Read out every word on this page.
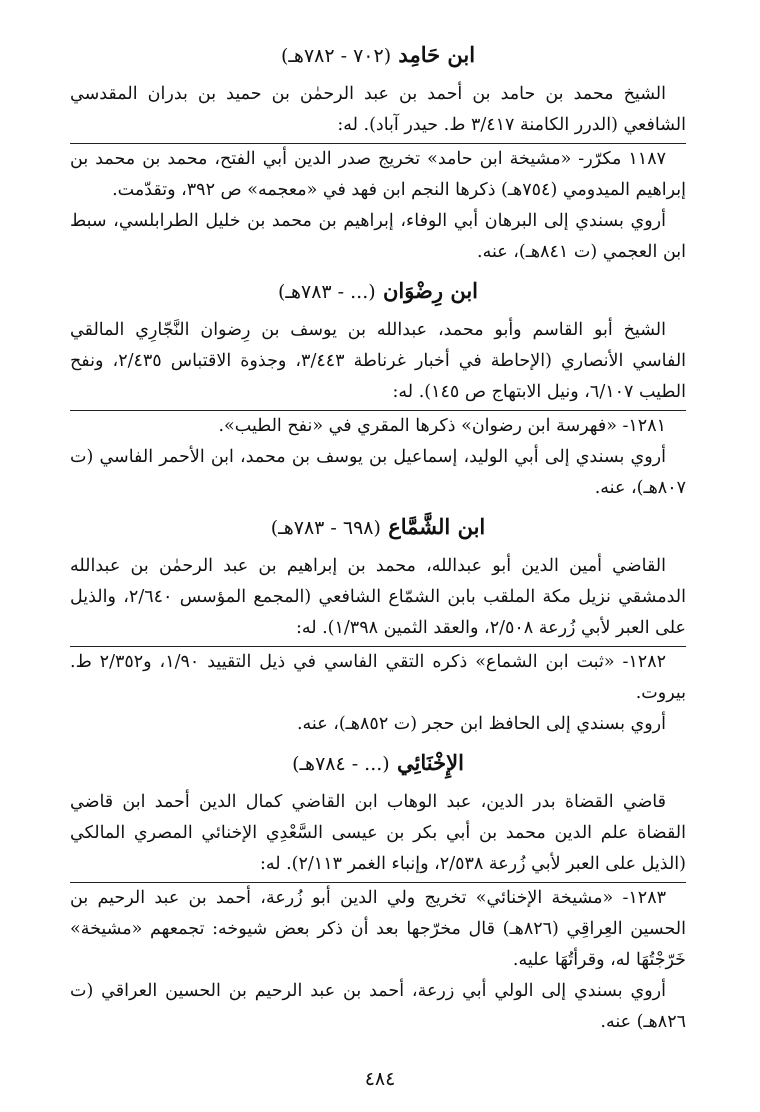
ابن حَامِد (٧٠٢ - ٧٨٢هـ)

الشيخ محمد بن حامد بن أحمد بن عبد الرحمٰن بن حميد بن بدران المقدسي الشافعي (الدرر الكامنة ٣/٤١٧ ط. حيدر آباد). له:

١١٨٧ مكرّر- «مشيخة ابن حامد» تخريج صدر الدين أبي الفتح، محمد بن محمد بن إبراهيم الميدومي (٧٥٤هـ) ذكرها النجم ابن فهد في «معجمه» ص ٣٩٢، وتقدّمت.

أروي بسندي إلى البرهان أبي الوفاء، إبراهيم بن محمد بن خليل الطرابلسي، سبط ابن العجمي (ت ٨٤١هـ)، عنه.

ابن رِضْوَان (... - ٧٨٣هـ)

الشيخ أبو القاسم وأبو محمد، عبدالله بن يوسف بن رِضوان النَّجّارِي المالقي الفاسي الأنصاري (الإحاطة في أخبار غرناطة ٣/٤٤٣، وجذوة الاقتباس ٢/٤٣٥، ونفح الطيب ٦/١٠٧، ونيل الابتهاج ص ١٤٥). له:

١٢٨١- «فهرسة ابن رضوان» ذكرها المقري في «نفح الطيب».

أروي بسندي إلى أبي الوليد، إسماعيل بن يوسف بن محمد، ابن الأحمر الفاسي (ت ٨٠٧هـ)، عنه.

ابن الشَّمَّاع (٦٩٨ - ٧٨٣هـ)

القاضي أمين الدين أبو عبدالله، محمد بن إبراهيم بن عبد الرحمٰن بن عبدالله الدمشقي نزيل مكة الملقب بابن الشمّاع الشافعي (المجمع المؤسس ٢/٦٤٠، والذيل على العبر لأبي زُرعة ٢/٥٠٨، والعقد الثمين ١/٣٩٨). له:

١٢٨٢- «ثبت ابن الشماع» ذكره التقي الفاسي في ذيل التقييد ١/٩٠، و٢/٣٥٢ ط. بيروت.

أروي بسندي إلى الحافظ ابن حجر (ت ٨٥٢هـ)، عنه.

الإِخْنَائِي (... - ٧٨٤هـ)

قاضي القضاة بدر الدين، عبد الوهاب ابن القاضي كمال الدين أحمد ابن قاضي القضاة علم الدين محمد بن أبي بكر بن عيسى السَّعْدِي الإخنائي المصري المالكي (الذيل على العبر لأبي زُرعة ٢/٥٣٨، وإنباء الغمر ٢/١١٣). له:

١٢٨٣- «مشيخة الإخنائي» تخريج ولي الدين أبو زُرعة، أحمد بن عبد الرحيم بن الحسين العِراقِي (٨٢٦هـ) قال مخرّجها بعد أن ذكر بعض شيوخه: تجمعهم «مشيخة» خَرّجْتُهَا له، وقرأتُهَا عليه.

أروي بسندي إلى الولي أبي زرعة، أحمد بن عبد الرحيم بن الحسين العراقي (ت ٨٢٦هـ) عنه.

٤٨٤
